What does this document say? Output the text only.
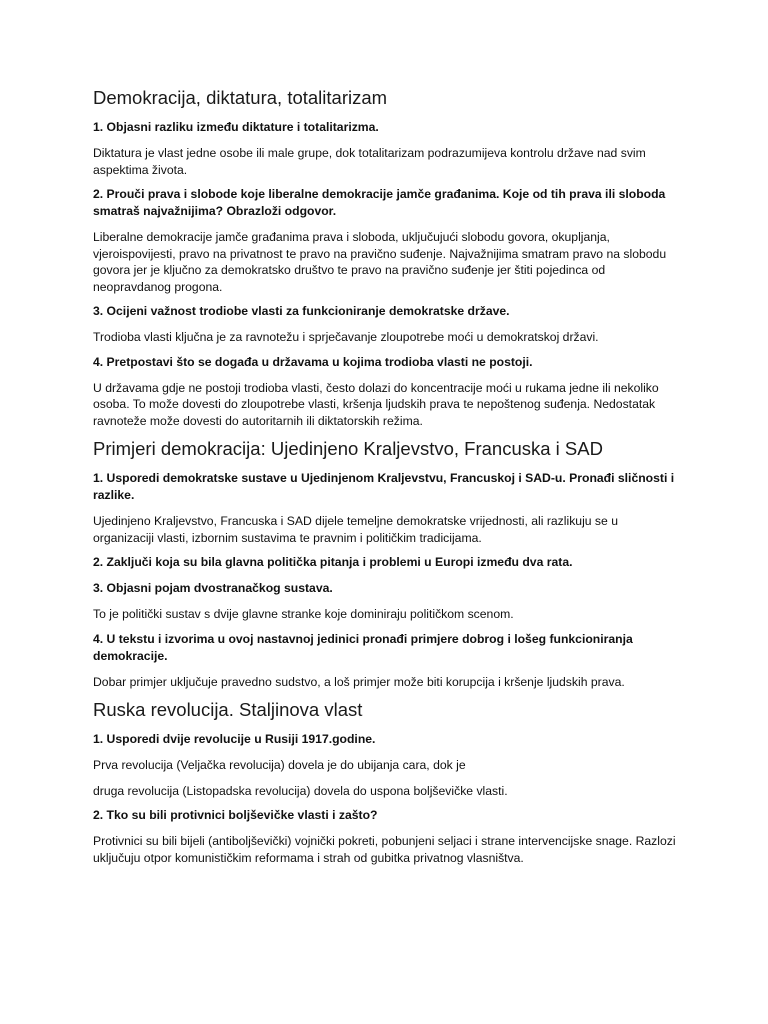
Demokracija, diktatura, totalitarizam

1. Objasni razliku između diktature i totalitarizma.

Diktatura je vlast jedne osobe ili male grupe, dok totalitarizam podrazumijeva kontrolu države nad svim aspektima života.

2. Prouči prava i slobode koje liberalne demokracije jamče građanima. Koje od tih prava ili sloboda smatraš najvažnijima? Obrazloži odgovor.

Liberalne demokracije jamče građanima prava i sloboda, uključujući slobodu govora, okupljanja, vjeroispovijesti, pravo na privatnost te pravo na pravično suđenje. Najvažnijima smatram pravo na slobodu govora jer je ključno za demokratsko društvo te pravo na pravično suđenje jer štiti pojedinca od neopravdanog progona.

3. Ocijeni važnost trodiobe vlasti za funkcioniranje demokratske države.

Trodioba vlasti ključna je za ravnotežu i sprječavanje zloupotrebe moći u demokratskoj državi.

4. Pretpostavi što se događa u državama u kojima trodioba vlasti ne postoji.

U državama gdje ne postoji trodioba vlasti, često dolazi do koncentracije moći u rukama jedne ili nekoliko osoba. To može dovesti do zloupotrebe vlasti, kršenja ljudskih prava te nepoštenog suđenja. Nedostatak ravnoteže može dovesti do autoritarnih ili diktatorskih režima.

Primjeri demokracija: Ujedinjeno Kraljevstvo, Francuska i SAD

1. Usporedi demokratske sustave u Ujedinjenom Kraljevstvu, Francuskoj i SAD-u. Pronađi sličnosti i razlike.

Ujedinjeno Kraljevstvo, Francuska i SAD dijele temeljne demokratske vrijednosti, ali razlikuju se u organizaciji vlasti, izbornim sustavima te pravnim i političkim tradicijama.

2. Zaključi koja su bila glavna politička pitanja i problemi u Europi između dva rata.

3. Objasni pojam dvostranačkog sustava.

To je politički sustav s dvije glavne stranke koje dominiraju političkom scenom.

4. U tekstu i izvorima u ovoj nastavnoj jedinici pronađi primjere dobrog i lošeg funkcioniranja demokracije.

Dobar primjer uključuje pravedno sudstvo, a loš primjer može biti korupcija i kršenje ljudskih prava.

Ruska revolucija. Staljinova vlast

1. Usporedi dvije revolucije u Rusiji 1917.godine.

Prva revolucija (Veljačka revolucija) dovela je do ubijanja cara, dok je

druga revolucija (Listopadska revolucija) dovela do uspona boljševičke vlasti.

2. Tko su bili protivnici boljševičke vlasti i zašto?

Protivnici su bili bijeli (antiboljševički) vojnički pokreti, pobunjeni seljaci i strane intervencijske snage. Razlozi uključuju otpor komunističkim reformama i strah od gubitka privatnog vlasništva.
